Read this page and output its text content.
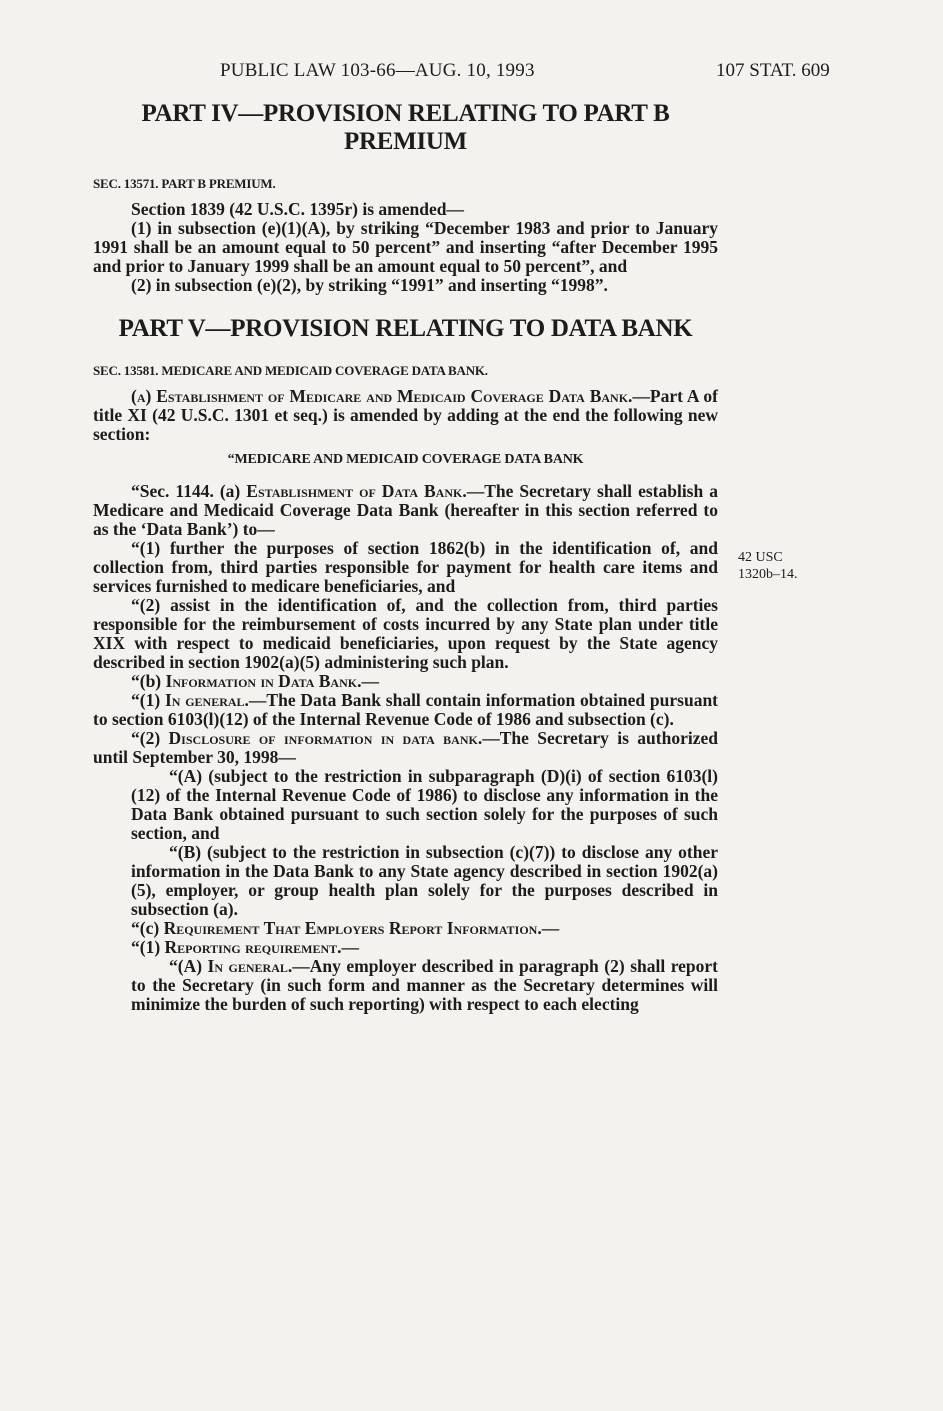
PUBLIC LAW 103-66—AUG. 10, 1993	107 STAT. 609
42 USC
1320b–14.
PART IV—PROVISION RELATING TO PART B PREMIUM
SEC. 13571. PART B PREMIUM.

Section 1839 (42 U.S.C. 1395r) is amended—

(1) in subsection (e)(1)(A), by striking “December 1983 and prior to January 1991 shall be an amount equal to 50 percent” and inserting “after December 1995 and prior to January 1999 shall be an amount equal to 50 percent”, and

(2) in subsection (e)(2), by striking “1991” and inserting “1998”.

PART V—PROVISION RELATING TO DATA BANK
SEC. 13581. MEDICARE AND MEDICAID COVERAGE DATA BANK.

(a) Establishment of Medicare and Medicaid Coverage Data Bank.—Part A of title XI (42 U.S.C. 1301 et seq.) is amended by adding at the end the following new section:

“MEDICARE AND MEDICAID COVERAGE DATA BANK

“Sec. 1144. (a) Establishment of Data Bank.—The Secretary shall establish a Medicare and Medicaid Coverage Data Bank (hereafter in this section referred to as the ‘Data Bank’) to—

“(1) further the purposes of section 1862(b) in the identification of, and collection from, third parties responsible for payment for health care items and services furnished to medicare beneficiaries, and

“(2) assist in the identification of, and the collection from, third parties responsible for the reimbursement of costs incurred by any State plan under title XIX with respect to medicaid beneficiaries, upon request by the State agency described in section 1902(a)(5) administering such plan.

“(b) Information in Data Bank.—

“(1) In general.—The Data Bank shall contain information obtained pursuant to section 6103(l)(12) of the Internal Revenue Code of 1986 and subsection (c).

“(2) Disclosure of information in data bank.—The Secretary is authorized until September 30, 1998—

“(A) (subject to the restriction in subparagraph (D)(i) of section 6103(l)(12) of the Internal Revenue Code of 1986) to disclose any information in the Data Bank obtained pursuant to such section solely for the purposes of such section, and

“(B) (subject to the restriction in subsection (c)(7)) to disclose any other information in the Data Bank to any State agency described in section 1902(a)(5), employer, or group health plan solely for the purposes described in subsection (a).

“(c) Requirement That Employers Report Information.—

“(1) Reporting requirement.—

“(A) In general.—Any employer described in paragraph (2) shall report to the Secretary (in such form and manner as the Secretary determines will minimize the burden of such reporting) with respect to each electing
